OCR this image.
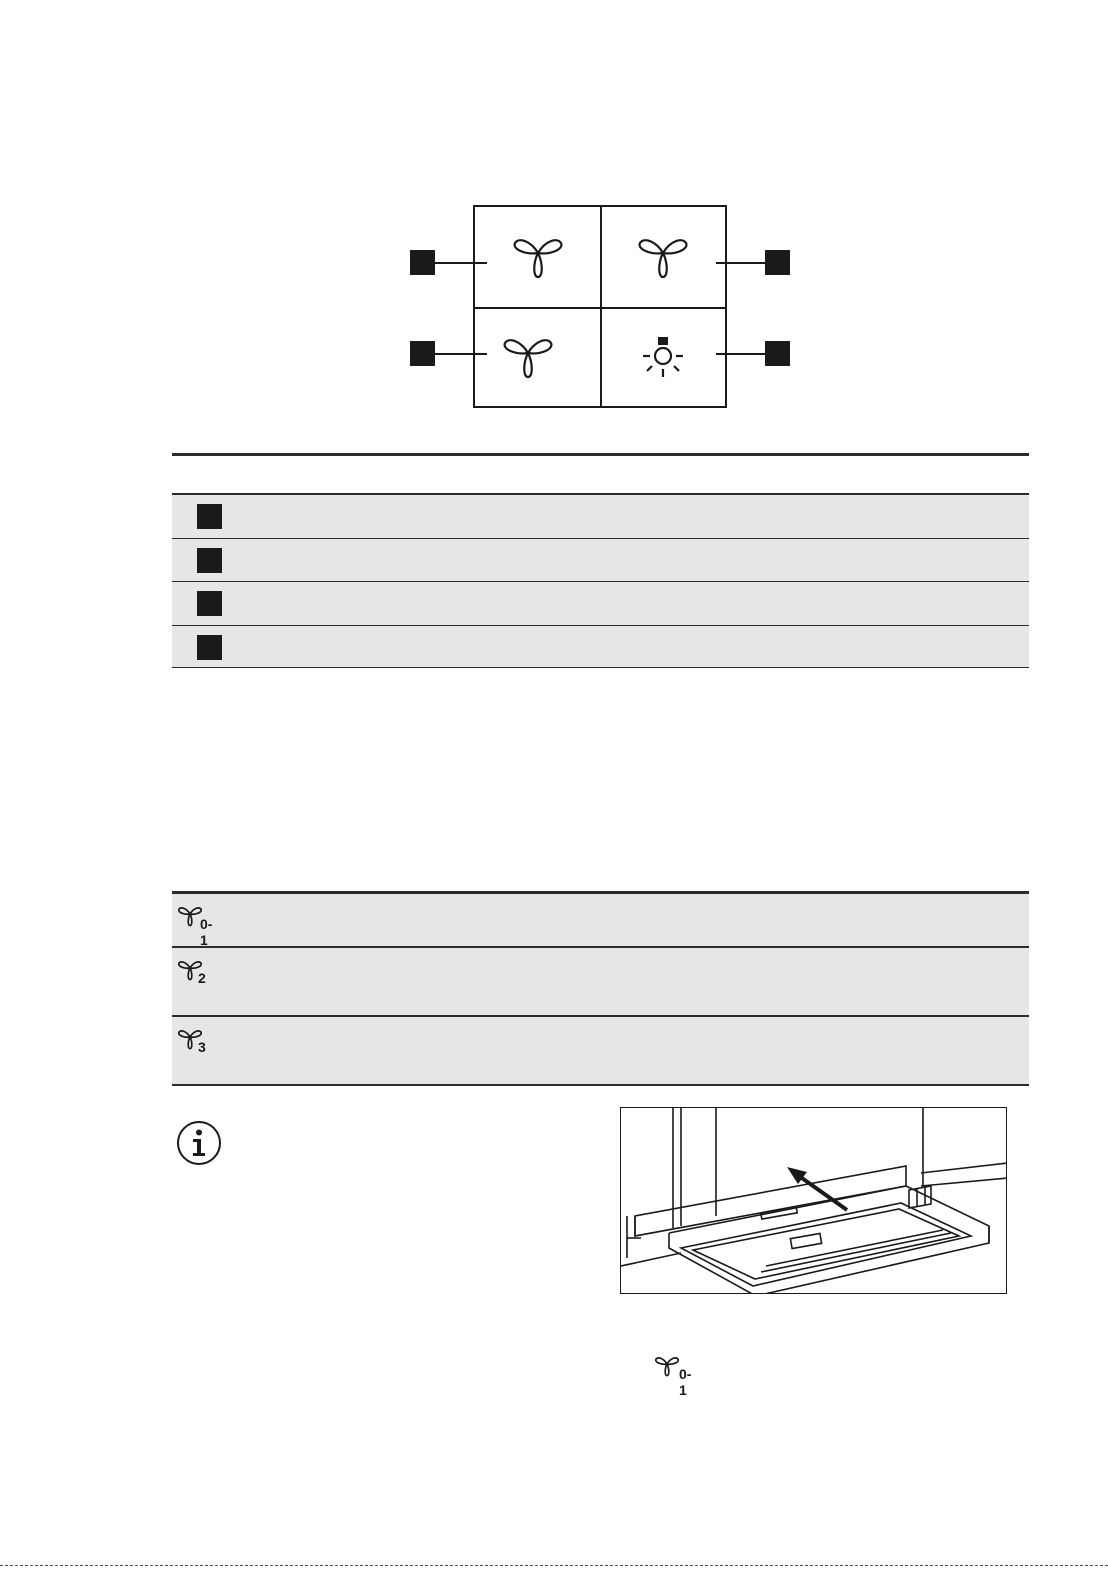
0-1
2
3
0-1
